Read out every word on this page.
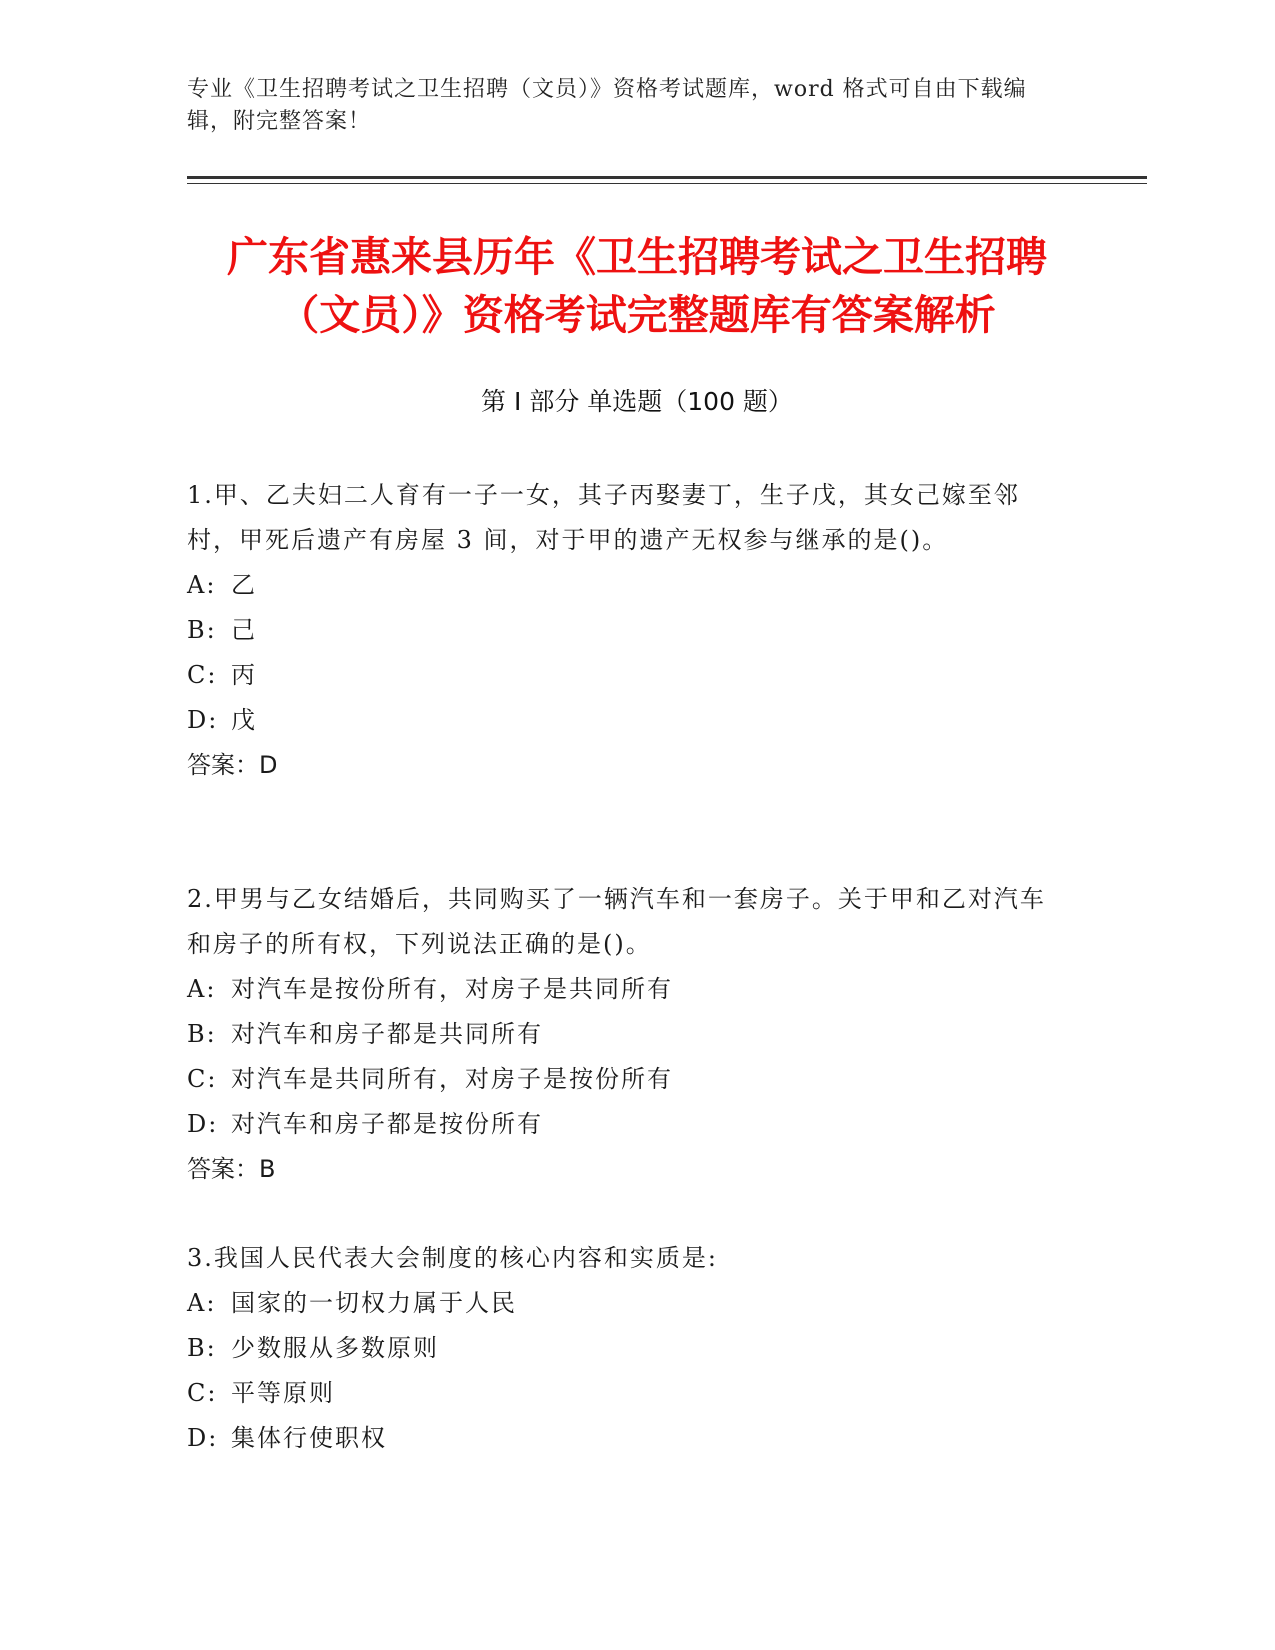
专业《卫生招聘考试之卫生招聘（文员）》资格考试题库，word 格式可自由下载编辑，附完整答案！
广东省惠来县历年《卫生招聘考试之卫生招聘（文员）》资格考试完整题库有答案解析
第 I 部分 单选题（100 题）
1.甲、乙夫妇二人育有一子一女，其子丙娶妻丁，生子戊，其女己嫁至邻村，甲死后遗产有房屋 3 间，对于甲的遗产无权参与继承的是()。
A: 乙
B: 己
C: 丙
D: 戊
答案：D
2.甲男与乙女结婚后，共同购买了一辆汽车和一套房子。关于甲和乙对汽车和房子的所有权，下列说法正确的是()。
A: 对汽车是按份所有，对房子是共同所有
B: 对汽车和房子都是共同所有
C: 对汽车是共同所有，对房子是按份所有
D: 对汽车和房子都是按份所有
答案：B
3.我国人民代表大会制度的核心内容和实质是:
A: 国家的一切权力属于人民
B: 少数服从多数原则
C: 平等原则
D: 集体行使职权
